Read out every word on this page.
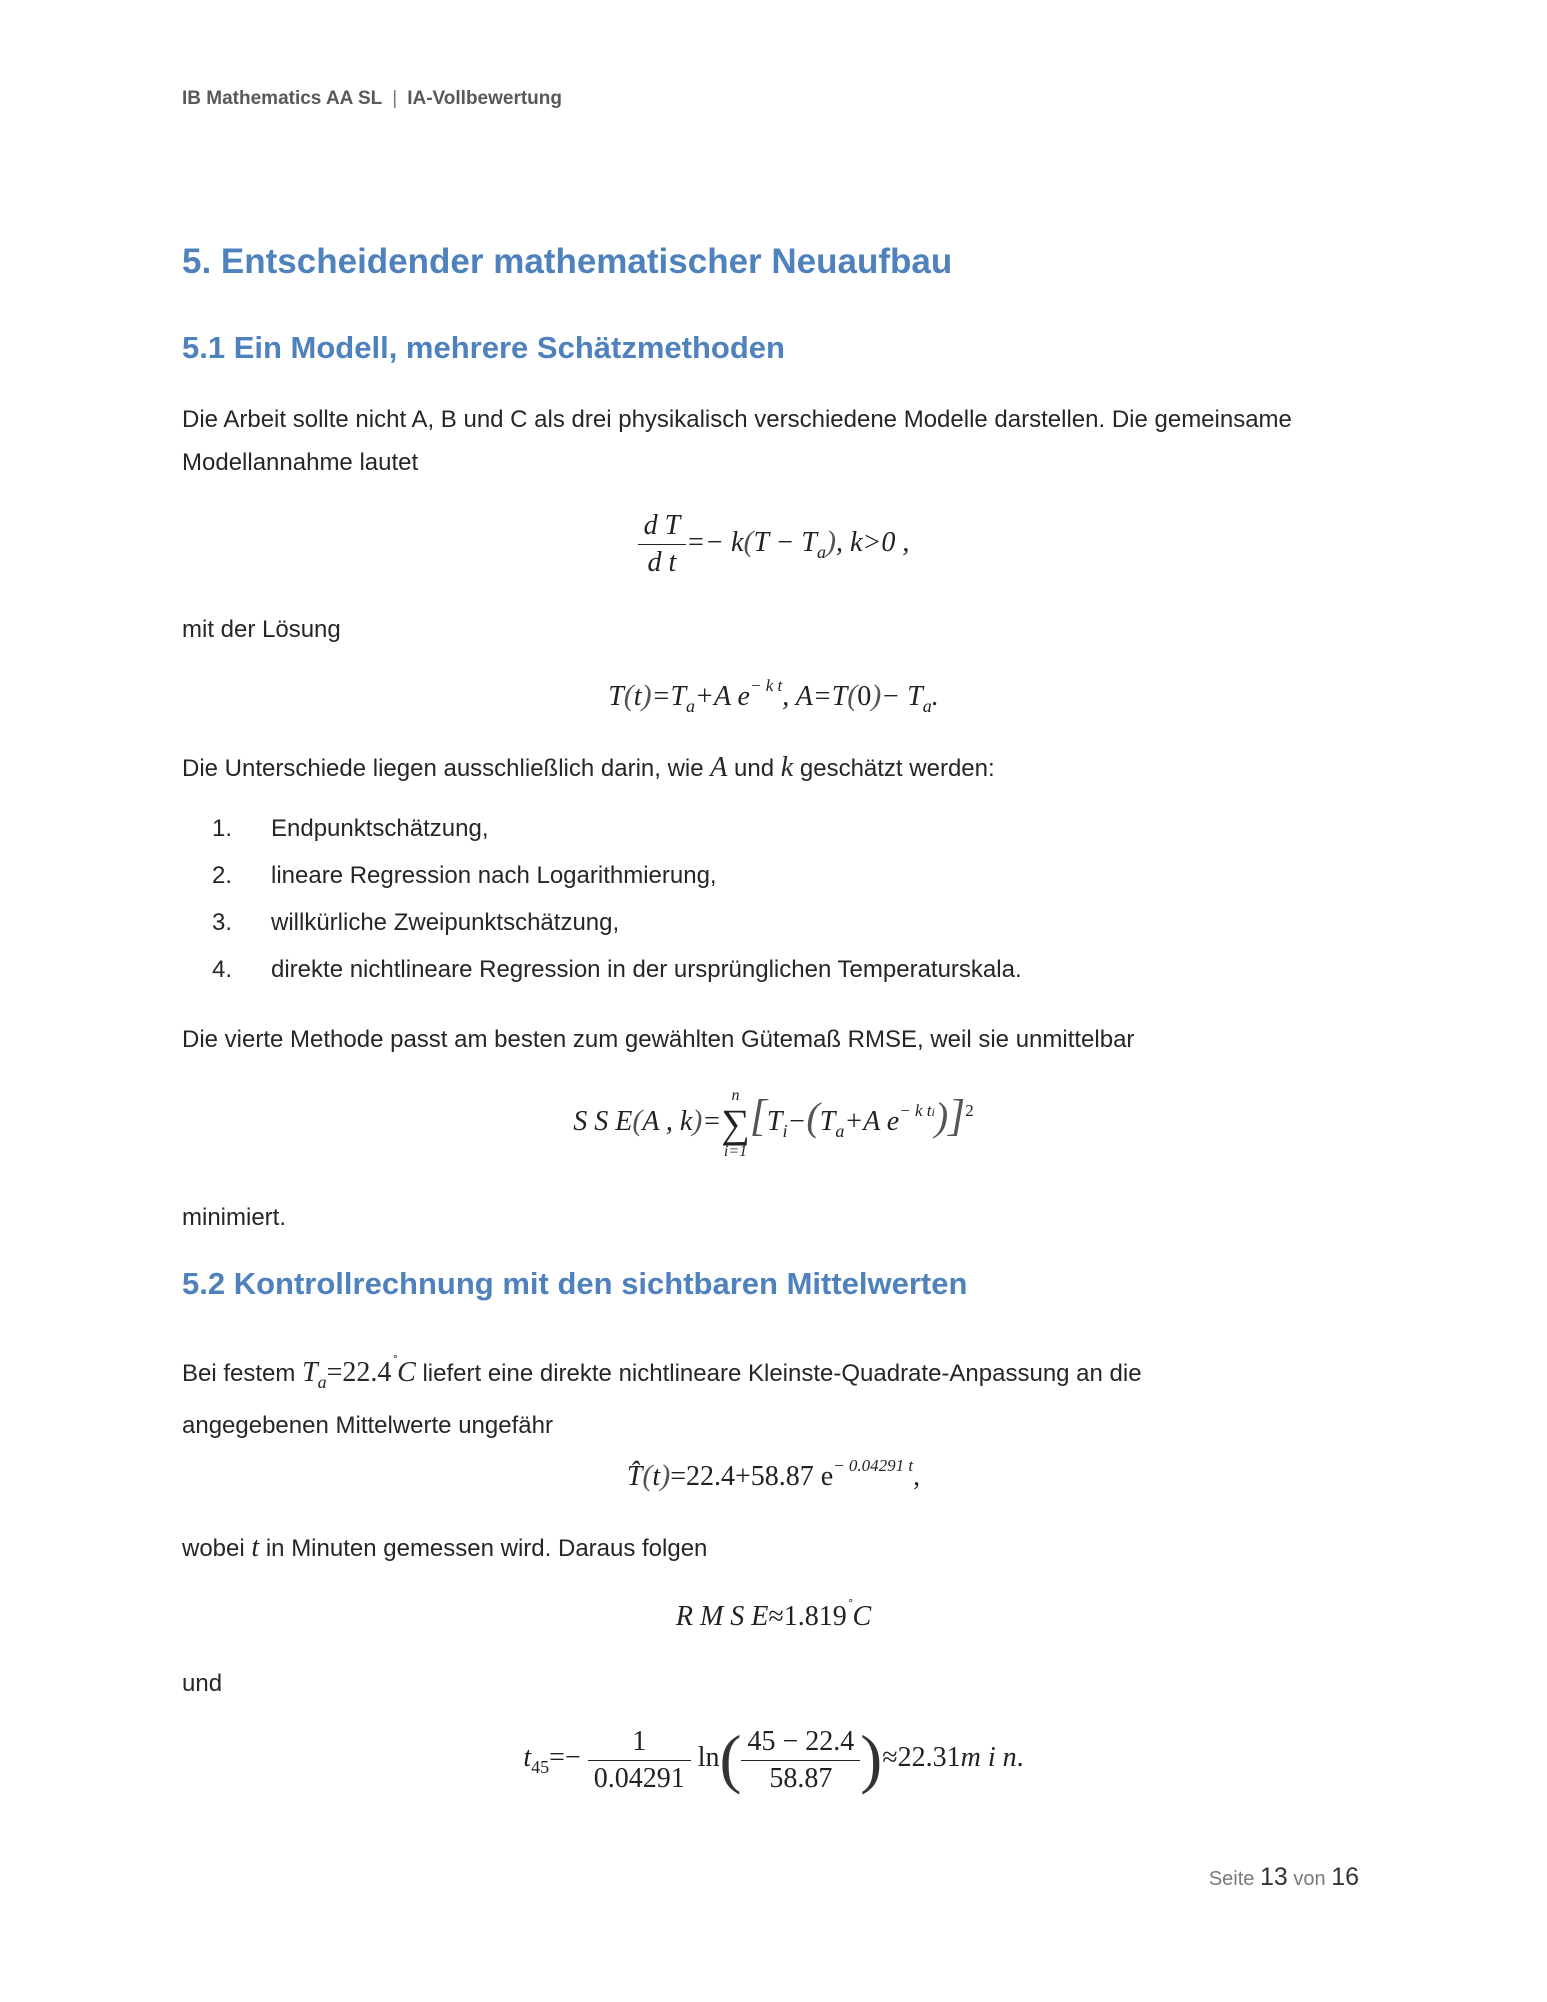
IB Mathematics AA SL | IA-Vollbewertung
5. Entscheidender mathematischer Neuaufbau
5.1 Ein Modell, mehrere Schätzmethoden
Die Arbeit sollte nicht A, B und C als drei physikalisch verschiedene Modelle darstellen. Die gemeinsame
Modellannahme lautet
$\frac{\text{d T}}{\text{d t}} =- k(T - T_a)$, k>0 ,
mit der Lösung
$T(t)=T_a+A$ $e^{- k t}$, $A=T(0)- T_a$.
Die Unterschiede liegen ausschließlich darin, wie A und k geschätzt werden:
1. Endpunktschätzung,
2. lineare Regression nach Logarithmierung,
3. willkürliche Zweipunktschätzung,
4. direkte nichtlineare Regression in der ursprünglichen Temperaturskala.
Die vierte Methode passt am besten zum gewählten Gütemaß RMSE, weil sie unmittelbar
S S E(A , k)=
n
∑
i=1
[$T_i-(T_a+A$ $e^{- k ti})]^2$
minimiert.
5.2 Kontrollrechnung mit den sichtbaren Mittelwerten
Bei festem $T_a=22.4^˚C$ liefert eine direkte nichtlineare Kleinste-Quadrate-Anpassung an die
angegebenen Mittelwerte ungefähr
T̂(t)=22.4+58.87 $e^{- 0.04291 t}$,
wobei t in Minuten gemessen wird. Daraus folgen
R M S E≈1.819˚C
und
$t_{45}=- \frac{1}{0.04291} \ln( \frac{45 - 22.4}{58.87} )\approx 22.31m$ i n.
Seite 13 von 16
